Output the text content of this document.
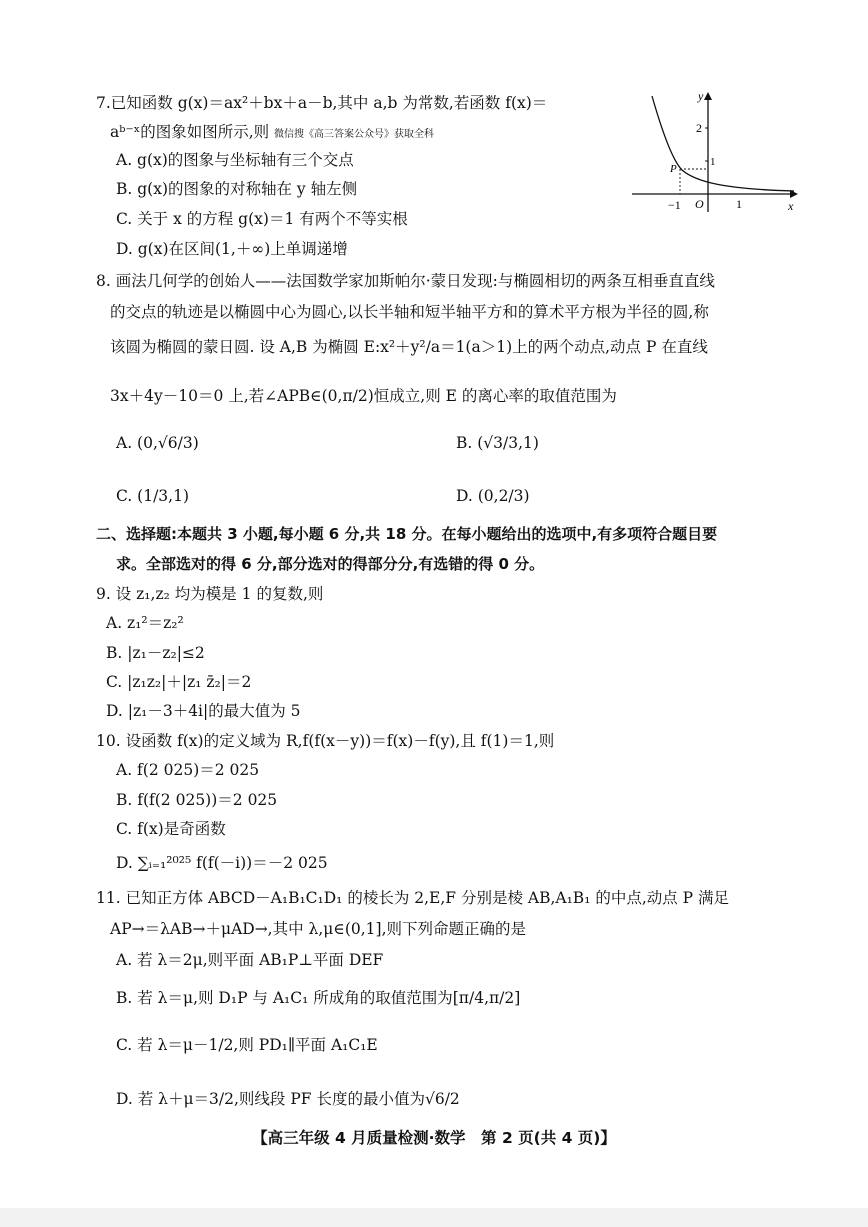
7.已知函数 g(x)＝ax²＋bx＋a－b,其中 a,b 为常数,若函数 f(x)＝
aᵇ⁻ˣ的图象如图所示,则 微信搜《高三答案公众号》获取全科
A. g(x)的图象与坐标轴有三个交点
B. g(x)的图象的对称轴在 y 轴左侧
C. 关于 x 的方程 g(x)＝1 有两个不等实根
D. g(x)在区间(1,＋∞)上单调递增
y
2
1
P
−1 O	1	x
8. 画法几何学的创始人——法国数学家加斯帕尔·蒙日发现:与椭圆相切的两条互相垂直直线
的交点的轨迹是以椭圆中心为圆心,以长半轴和短半轴平方和的算术平方根为半径的圆,称
该圆为椭圆的蒙日圆. 设 A,B 为椭圆 E:x²＋y²/a＝1(a＞1)上的两个动点,动点 P 在直线
3x＋4y－10＝0 上,若∠APB∈(0,π/2)恒成立,则 E 的离心率的取值范围为
A. (0,√6/3)	B. (√3/3,1)
C. (1/3,1)	D. (0,2/3)
二、选择题:本题共 3 小题,每小题 6 分,共 18 分。在每小题给出的选项中,有多项符合题目要
求。全部选对的得 6 分,部分选对的得部分分,有选错的得 0 分。
9. 设 z₁,z₂ 均为模是 1 的复数,则
A. z₁²＝z₂²
B. |z₁－z₂|≤2
C. |z₁z₂|＋|z₁ z̄₂|＝2
D. |z₁－3＋4i|的最大值为 5
10. 设函数 f(x)的定义域为 R,f(f(x－y))＝f(x)－f(y),且 f(1)＝1,则
A. f(2 025)＝2 025
B. f(f(2 025))＝2 025
C. f(x)是奇函数
D. ∑ᵢ₌₁²⁰²⁵ f(f(－i))＝－2 025
11. 已知正方体 ABCD－A₁B₁C₁D₁ 的棱长为 2,E,F 分别是棱 AB,A₁B₁ 的中点,动点 P 满足
AP→＝λAB→＋μAD→,其中 λ,μ∈(0,1],则下列命题正确的是
A. 若 λ＝2μ,则平面 AB₁P⊥平面 DEF
B. 若 λ＝μ,则 D₁P 与 A₁C₁ 所成角的取值范围为[π/4,π/2]
C. 若 λ＝μ－1/2,则 PD₁∥平面 A₁C₁E
D. 若 λ＋μ＝3/2,则线段 PF 长度的最小值为√6/2
【高三年级 4 月质量检测·数学　第 2 页(共 4 页)】
